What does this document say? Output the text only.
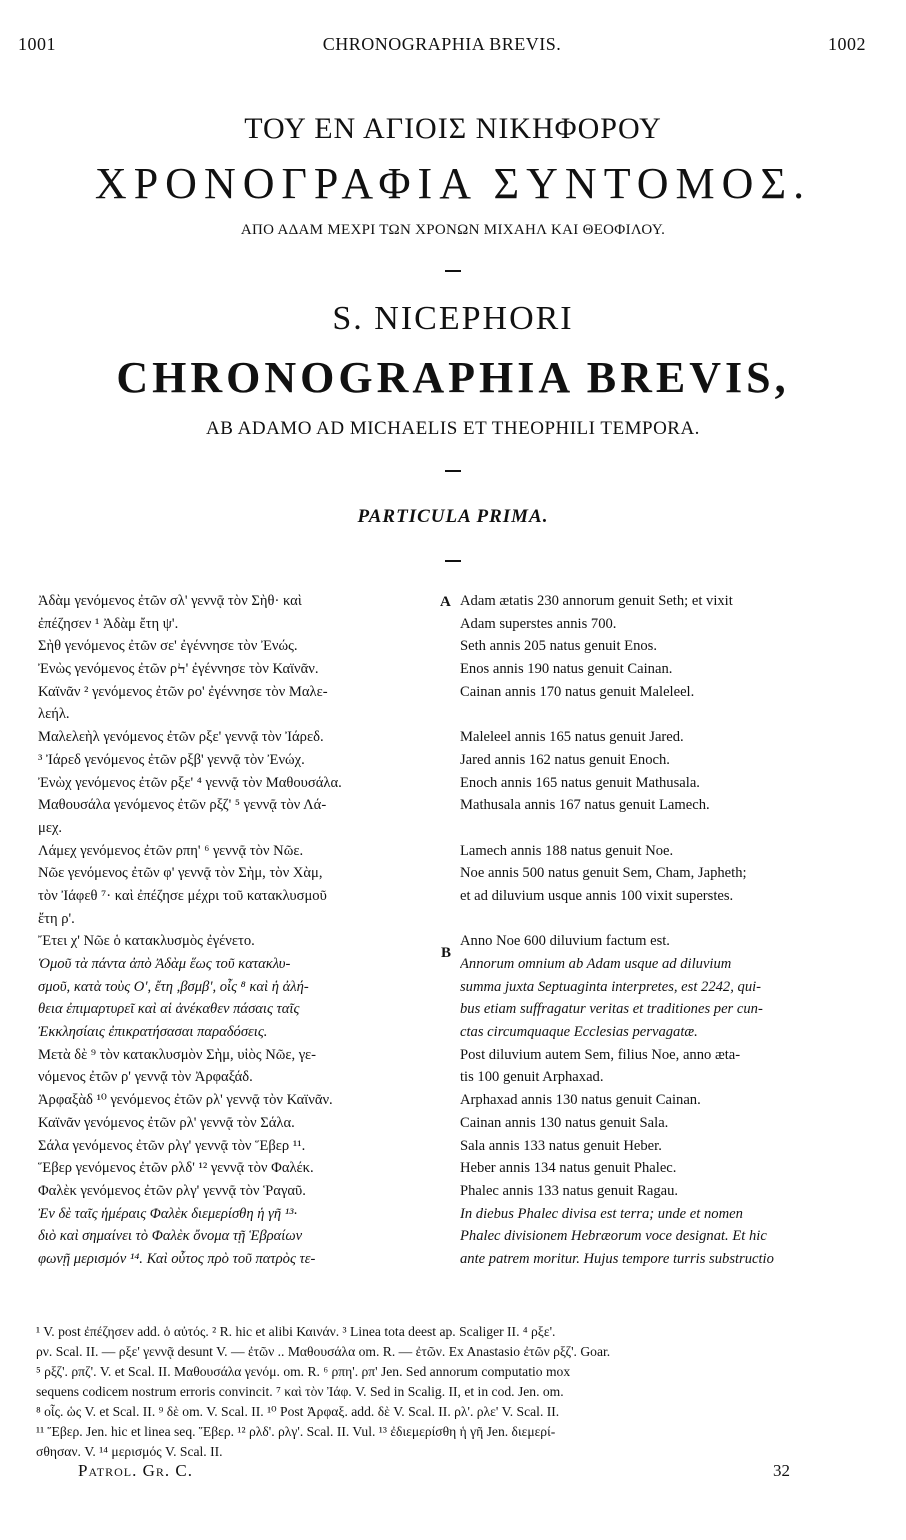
1001	CHRONOGRAPHIA BREVIS.	1002
ΤΟΥ ΕΝ ΑΓΙΟΙΣ ΝΙΚΗΦΟΡΟΥ
ΧΡΟΝΟΓΡΑΦΙΑ ΣΥΝΤΟΜΟΣ.
ΑΠΟ ΑΔΑΜ ΜΕΧΡΙ ΤΩΝ ΧΡΟΝΩΝ ΜΙΧΑΗΛ ΚΑΙ ΘΕΟΦΙΛΟΥ.
S. NICEPHORI
CHRONOGRAPHIA BREVIS,
AB ADAMO AD MICHAELIS ET THEOPHILI TEMPORA.
PARTICULA PRIMA.
A
B
Ἀδὰμ γενόμενος ἐτῶν σλ' γεννᾷ τὸν Σὴθ· καὶ
ἐπέζησεν ¹ Ἀδὰμ ἔτη ψ'.
Σὴθ γενόμενος ἐτῶν σε' ἐγέννησε τὸν Ἐνώς.
Ἐνὼς γενόμενος ἐτῶν ρϞ' ἐγέννησε τὸν Καϊνᾶν.
Καϊνᾶν ² γενόμενος ἐτῶν ρο' ἐγέννησε τὸν Μαλε-
λεήλ.
Μαλελεὴλ γενόμενος ἐτῶν ρξε' γεννᾷ τὸν Ἰάρεδ.
³ Ἰάρεδ γενόμενος ἐτῶν ρξβ' γεννᾷ τὸν Ἐνώχ.
Ἐνὼχ γενόμενος ἐτῶν ρξε' ⁴ γεννᾷ τὸν Μαθουσάλα.
Μαθουσάλα γενόμενος ἐτῶν ρξζ' ⁵ γεννᾷ τὸν Λά-
μεχ.
Λάμεχ γενόμενος ἐτῶν ρπη' ⁶ γεννᾷ τὸν Νῶε.
Νῶε γενόμενος ἐτῶν φ' γεννᾷ τὸν Σὴμ, τὸν Χὰμ,
τὸν Ἰάφεθ ⁷· καὶ ἐπέζησε μέχρι τοῦ κατακλυσμοῦ
ἔτη ρ'.
Ἔτει χ' Νῶε ὁ κατακλυσμὸς ἐγένετο.
Ὁμοῦ τὰ πάντα ἀπὸ Ἀδὰμ ἕως τοῦ κατακλυ-
σμοῦ, κατὰ τοὺς Ο', ἔτη ,βσμβ', οἷς ⁸ καὶ ἡ ἀλή-
θεια ἐπιμαρτυρεῖ καὶ αἱ ἀνέκαθεν πάσαις ταῖς
Ἐκκλησίαις ἐπικρατήσασαι παραδόσεις.
Μετὰ δὲ ⁹ τὸν κατακλυσμὸν Σὴμ, υἱὸς Νῶε, γε-
νόμενος ἐτῶν ρ' γεννᾷ τὸν Ἀρφαξάδ.
Ἀρφαξὰδ ¹⁰ γενόμενος ἐτῶν ρλ' γεννᾷ τὸν Καϊνᾶν.
Καϊνᾶν γενόμενος ἐτῶν ρλ' γεννᾷ τὸν Σάλα.
Σάλα γενόμενος ἐτῶν ρλγ' γεννᾷ τὸν Ἕβερ ¹¹.
Ἕβερ γενόμενος ἐτῶν ρλδ' ¹² γεννᾷ τὸν Φαλέκ.
Φαλὲκ γενόμενος ἐτῶν ρλγ' γεννᾷ τὸν Ῥαγαῦ.
Ἐν δὲ ταῖς ἡμέραις Φαλὲκ διεμερίσθη ἡ γῆ ¹³·
διὸ καὶ σημαίνει τὸ Φαλὲκ ὄνομα τῇ Ἑβραίων
φωνῇ μερισμόν ¹⁴. Καὶ οὗτος πρὸ τοῦ πατρὸς τε-
Adam ætatis 230 annorum genuit Seth; et vixit
Adam superstes annis 700.
Seth annis 205 natus genuit Enos.
Enos annis 190 natus genuit Cainan.
Cainan annis 170 natus genuit Maleleel.
Maleleel annis 165 natus genuit Jared.
Jared annis 162 natus genuit Enoch.
Enoch annis 165 natus genuit Mathusala.
Mathusala annis 167 natus genuit Lamech.
Lamech annis 188 natus genuit Noe.
Noe annis 500 natus genuit Sem, Cham, Japheth;
et ad diluvium usque annis 100 vixit superstes.
Anno Noe 600 diluvium factum est.
Annorum omnium ab Adam usque ad diluvium
summa juxta Septuaginta interpretes, est 2242, qui-
bus etiam suffragatur veritas et traditiones per cun-
ctas circumquaque Ecclesias pervagatæ.
Post diluvium autem Sem, filius Noe, anno æta-
tis 100 genuit Arphaxad.
Arphaxad annis 130 natus genuit Cainan.
Cainan annis 130 natus genuit Sala.
Sala annis 133 natus genuit Heber.
Heber annis 134 natus genuit Phalec.
Phalec annis 133 natus genuit Ragau.
In diebus Phalec divisa est terra; unde et nomen
Phalec divisionem Hebræorum voce designat. Et hic
ante patrem moritur. Hujus tempore turris substructio
¹ V. post ἐπέζησεν add. ὁ αὐτός. ² R. hic et alibi Καινάν. ³ Linea tota deest ap. Scaliger II. ⁴ ρξε'.
ρν. Scal. II. — ρξε' γεννᾷ desunt V. — ἐτῶν .. Μαθουσάλα om. R. — ἐτῶν. Ex Anastasio ἐτῶν ρξζ'. Goar.
⁵ ρξζ'. ρπζ'. V. et Scal. II. Μαθουσάλα γενόμ. om. R. ⁶ ρπη'. ρπ' Jen. Sed annorum computatio mox
sequens codicem nostrum erroris convincit. ⁷ καὶ τὸν Ἰάφ. V. Sed in Scalig. II, et in cod. Jen. om.
⁸ οἷς. ὡς V. et Scal. II. ⁹ δὲ om. V. Scal. II. ¹⁰ Post Ἀρφαξ. add. δὲ V. Scal. II. ρλ'. ρλε' V. Scal. II.
¹¹ Ἕβερ. Jen. hic et linea seq. Ἕβερ. ¹² ρλδ'. ρλγ'. Scal. II. Vul. ¹³ ἐδιεμερίσθη ἡ γῆ Jen. διεμερί-
σθησαν. V. ¹⁴ μερισμός V. Scal. II.
Patrol. Gr. C.	32
